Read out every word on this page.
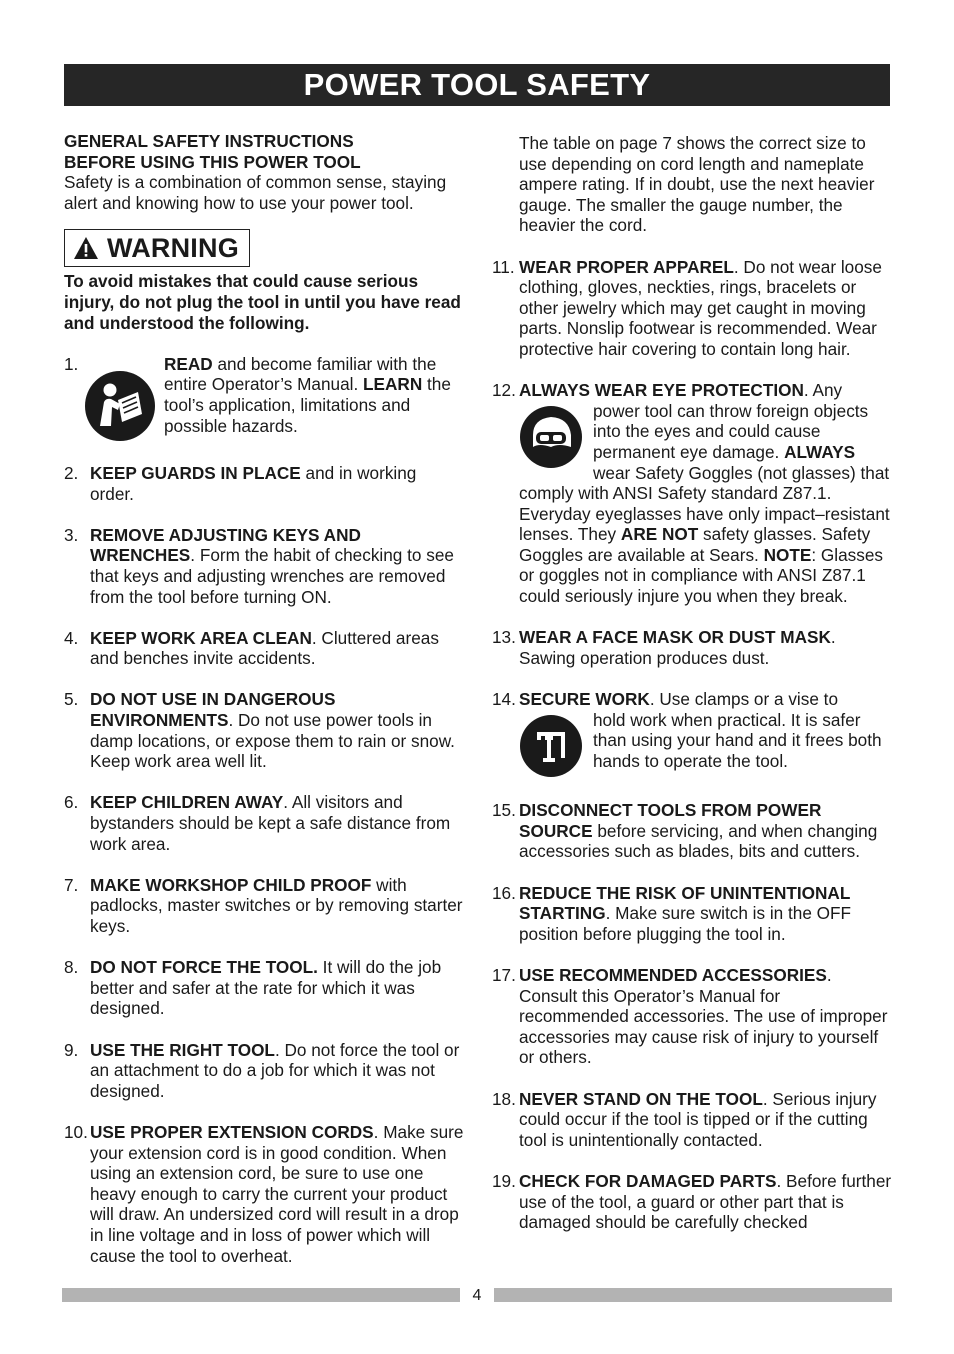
POWER TOOL SAFETY
GENERAL SAFETY INSTRUCTIONS
BEFORE USING THIS POWER TOOL
Safety is a combination of common sense, staying alert and knowing how to use your power tool.
WARNING
To avoid mistakes that could cause serious injury, do not plug the tool in until you have read and understood the following.
1.	READ and become familiar with the entire Operator’s Manual. LEARN the tool’s application, limitations and possible hazards.
2. KEEP GUARDS IN PLACE and in working order.
3. REMOVE ADJUSTING KEYS AND WRENCHES. Form the habit of checking to see that keys and adjusting wrenches are removed from the tool before turning ON.
4. KEEP WORK AREA CLEAN. Cluttered areas and benches invite accidents.
5. DO NOT USE IN DANGEROUS ENVIRONMENTS. Do not use power tools in damp locations, or expose them to rain or snow. Keep work area well lit.
6. KEEP CHILDREN AWAY. All visitors and bystanders should be kept a safe distance from work area.
7. MAKE WORKSHOP CHILD PROOF with padlocks, master switches or by removing starter keys.
8. DO NOT FORCE THE TOOL. It will do the job better and safer at the rate for which it was designed.
9. USE THE RIGHT TOOL. Do not force the tool or an attachment to do a job for which it was not designed.
10. USE PROPER EXTENSION CORDS. Make sure your extension cord is in good condition. When using an extension cord, be sure to use one heavy enough to carry the current your product will draw. An undersized cord will result in a drop in line voltage and in loss of power which will cause the tool to overheat.
The table on page 7 shows the correct size to use depending on cord length and nameplate ampere rating. If in doubt, use the next heavier gauge. The smaller the gauge number, the heavier the cord.
11. WEAR PROPER APPAREL. Do not wear loose clothing, gloves, neckties, rings, bracelets or other jewelry which may get caught in moving parts. Nonslip footwear is recommended. Wear protective hair covering to contain long hair.
12. ALWAYS WEAR EYE PROTECTION. Any

power tool can throw foreign objects into the eyes and could cause permanent eye damage. ALWAYS wear Safety Goggles (not glasses) that comply with ANSI Safety standard Z87.1. Everyday eyeglasses have only impact–resistant lenses. They ARE NOT safety glasses. Safety Goggles are available at Sears. NOTE: Glasses or goggles not in compliance with ANSI Z87.1 could seriously injure you when they break.
13. WEAR A FACE MASK OR DUST MASK. Sawing operation produces dust.
14. SECURE WORK. Use clamps or a vise to

hold work when practical. It is safer than using your hand and it frees both hands to operate the tool.
15. DISCONNECT TOOLS FROM POWER SOURCE before servicing, and when changing accessories such as blades, bits and cutters.
16. REDUCE THE RISK OF UNINTENTIONAL STARTING. Make sure switch is in the OFF position before plugging the tool in.
17. USE RECOMMENDED ACCESSORIES. Consult this Operator’s Manual for recommended accessories. The use of improper accessories may cause risk of injury to yourself or others.
18. NEVER STAND ON THE TOOL. Serious injury could occur if the tool is tipped or if the cutting tool is unintentionally contacted.
19. CHECK FOR DAMAGED PARTS. Before further use of the tool, a guard or other part that is damaged should be carefully checked
4
